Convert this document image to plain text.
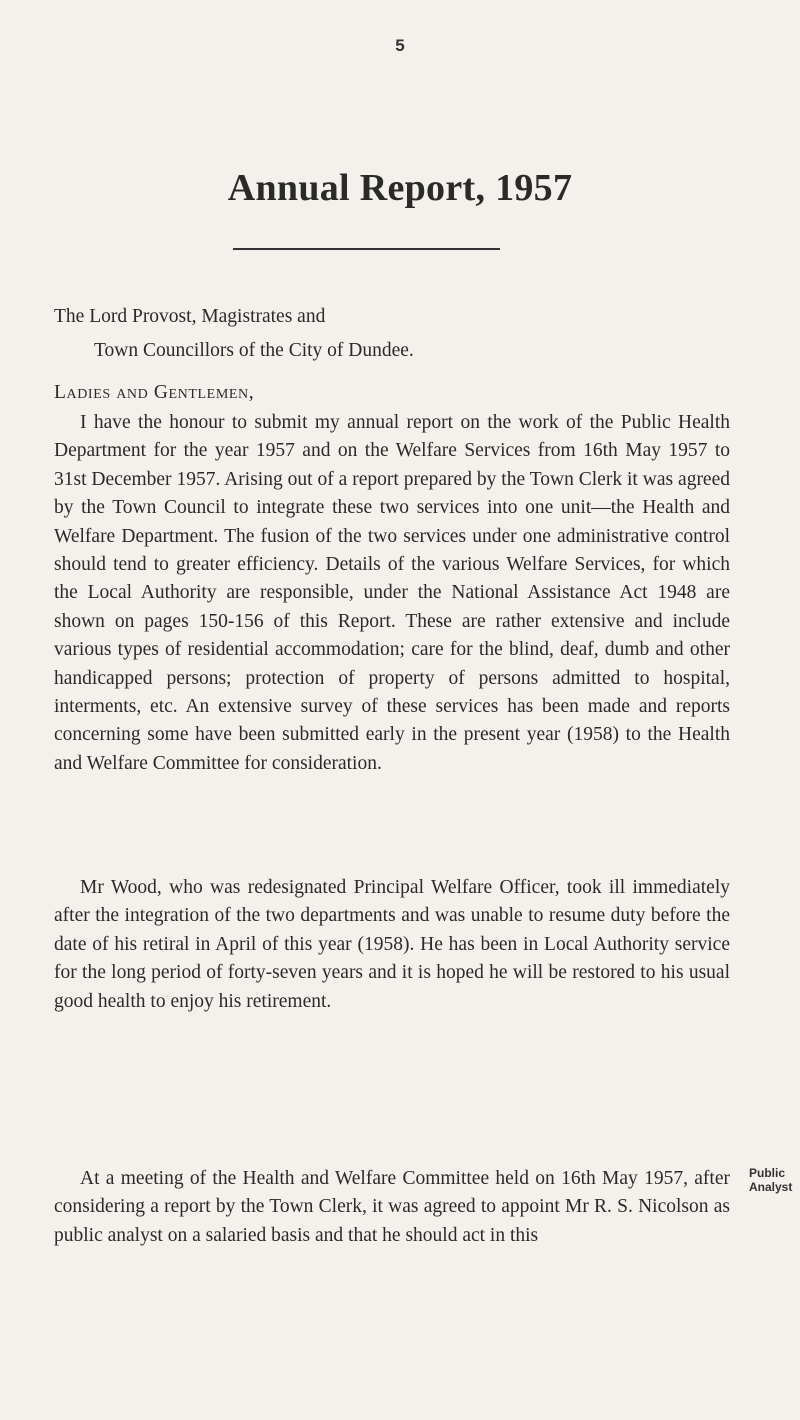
5
Annual Report, 1957
The Lord Provost, Magistrates and
Town Councillors of the City of Dundee.
Ladies and Gentlemen,

I have the honour to submit my annual report on the work of the Public Health Department for the year 1957 and on the Welfare Services from 16th May 1957 to 31st December 1957. Arising out of a report prepared by the Town Clerk it was agreed by the Town Council to integrate these two services into one unit—the Health and Welfare Department. The fusion of the two services under one administrative control should tend to greater efficiency. Details of the various Welfare Services, for which the Local Authority are responsible, under the National Assistance Act 1948 are shown on pages 150-156 of this Report. These are rather extensive and include various types of residential accommodation; care for the blind, deaf, dumb and other handicapped persons; protection of property of persons admitted to hospital, interments, etc. An extensive survey of these services has been made and reports concerning some have been submitted early in the present year (1958) to the Health and Welfare Committee for consideration.

Mr Wood, who was redesignated Principal Welfare Officer, took ill immediately after the integration of the two departments and was unable to resume duty before the date of his retiral in April of this year (1958). He has been in Local Authority service for the long period of forty-seven years and it is hoped he will be restored to his usual good health to enjoy his retirement.

At a meeting of the Health and Welfare Committee held on 16th May 1957, after considering a report by the Town Clerk, it was agreed to appoint Mr R. S. Nicolson as public analyst on a salaried basis and that he should act in this

Public Analyst
